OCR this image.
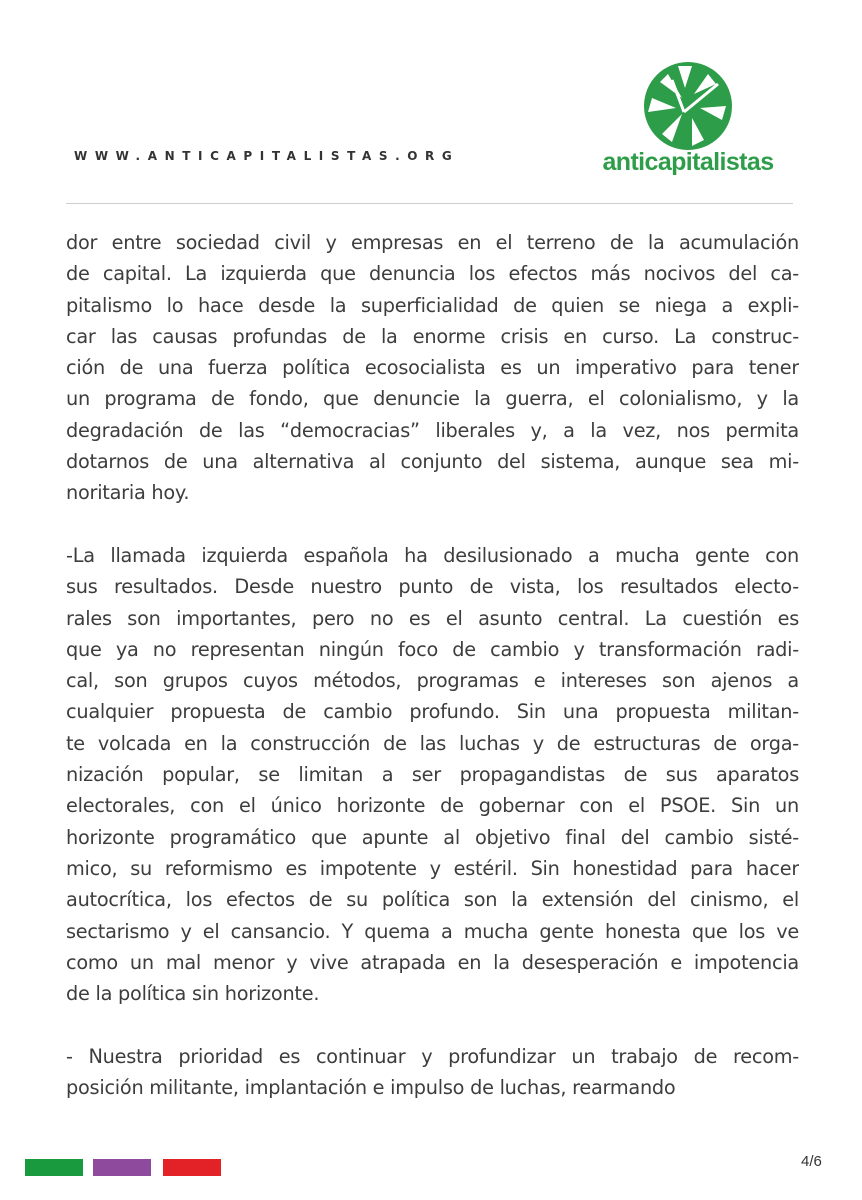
WWW.ANTICAPITALISTAS.ORG	anticapitalistas
dor entre sociedad civil y empresas en el terreno de la acumulación
de capital. La izquierda que denuncia los efectos más nocivos del ca-
pitalismo lo hace desde la superficialidad de quien se niega a expli-
car las causas profundas de la enorme crisis en curso. La construc-
ción de una fuerza política ecosocialista es un imperativo para tener
un programa de fondo, que denuncie la guerra, el colonialismo, y la
degradación de las “democracias” liberales y, a la vez, nos permita
dotarnos de una alternativa al conjunto del sistema, aunque sea mi-
noritaria hoy.
-La llamada izquierda española ha desilusionado a mucha gente con
sus resultados. Desde nuestro punto de vista, los resultados electo-
rales son importantes, pero no es el asunto central. La cuestión es
que ya no representan ningún foco de cambio y transformación radi-
cal, son grupos cuyos métodos, programas e intereses son ajenos a
cualquier propuesta de cambio profundo. Sin una propuesta militan-
te volcada en la construcción de las luchas y de estructuras de orga-
nización popular, se limitan a ser propagandistas de sus aparatos
electorales, con el único horizonte de gobernar con el PSOE. Sin un
horizonte programático que apunte al objetivo final del cambio sisté-
mico, su reformismo es impotente y estéril. Sin honestidad para hacer
autocrítica, los efectos de su política son la extensión del cinismo, el
sectarismo y el cansancio. Y quema a mucha gente honesta que los ve
como un mal menor y vive atrapada en la desesperación e impotencia
de la política sin horizonte.
- Nuestra prioridad es continuar y profundizar un trabajo de recom-
posición militante, implantación e impulso de luchas, rearmando
4/6
